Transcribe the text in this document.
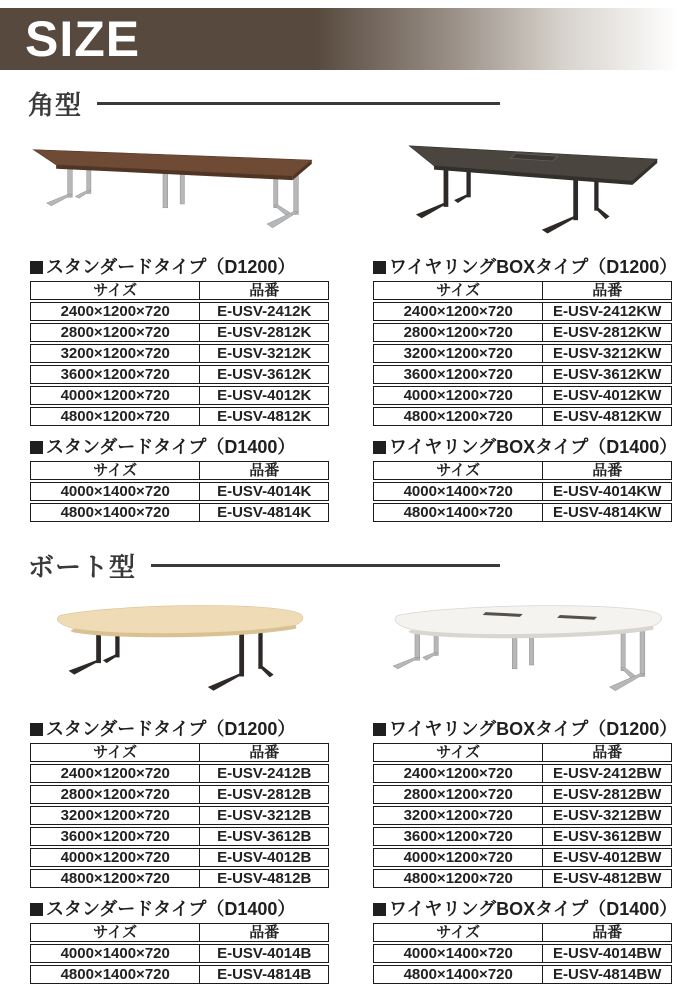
SIZE
角型
スタンダードタイプ（D1200）
サイズ	品番
2400×1200×720	E-USV-2412K
2800×1200×720	E-USV-2812K
3200×1200×720	E-USV-3212K
3600×1200×720	E-USV-3612K
4000×1200×720	E-USV-4012K
4800×1200×720	E-USV-4812K
ワイヤリングBOXタイプ（D1200）
サイズ	品番
2400×1200×720	E-USV-2412KW
2800×1200×720	E-USV-2812KW
3200×1200×720	E-USV-3212KW
3600×1200×720	E-USV-3612KW
4000×1200×720	E-USV-4012KW
4800×1200×720	E-USV-4812KW
スタンダードタイプ（D1400）
サイズ	品番
4000×1400×720	E-USV-4014K
4800×1400×720	E-USV-4814K
ワイヤリングBOXタイプ（D1400）
サイズ	品番
4000×1400×720	E-USV-4014KW
4800×1400×720	E-USV-4814KW
ボート型
スタンダードタイプ（D1200）
サイズ	品番
2400×1200×720	E-USV-2412B
2800×1200×720	E-USV-2812B
3200×1200×720	E-USV-3212B
3600×1200×720	E-USV-3612B
4000×1200×720	E-USV-4012B
4800×1200×720	E-USV-4812B
ワイヤリングBOXタイプ（D1200）
サイズ	品番
2400×1200×720	E-USV-2412BW
2800×1200×720	E-USV-2812BW
3200×1200×720	E-USV-3212BW
3600×1200×720	E-USV-3612BW
4000×1200×720	E-USV-4012BW
4800×1200×720	E-USV-4812BW
スタンダードタイプ（D1400）
サイズ	品番
4000×1400×720	E-USV-4014B
4800×1400×720	E-USV-4814B
ワイヤリングBOXタイプ（D1400）
サイズ	品番
4000×1400×720	E-USV-4014BW
4800×1400×720	E-USV-4814BW
